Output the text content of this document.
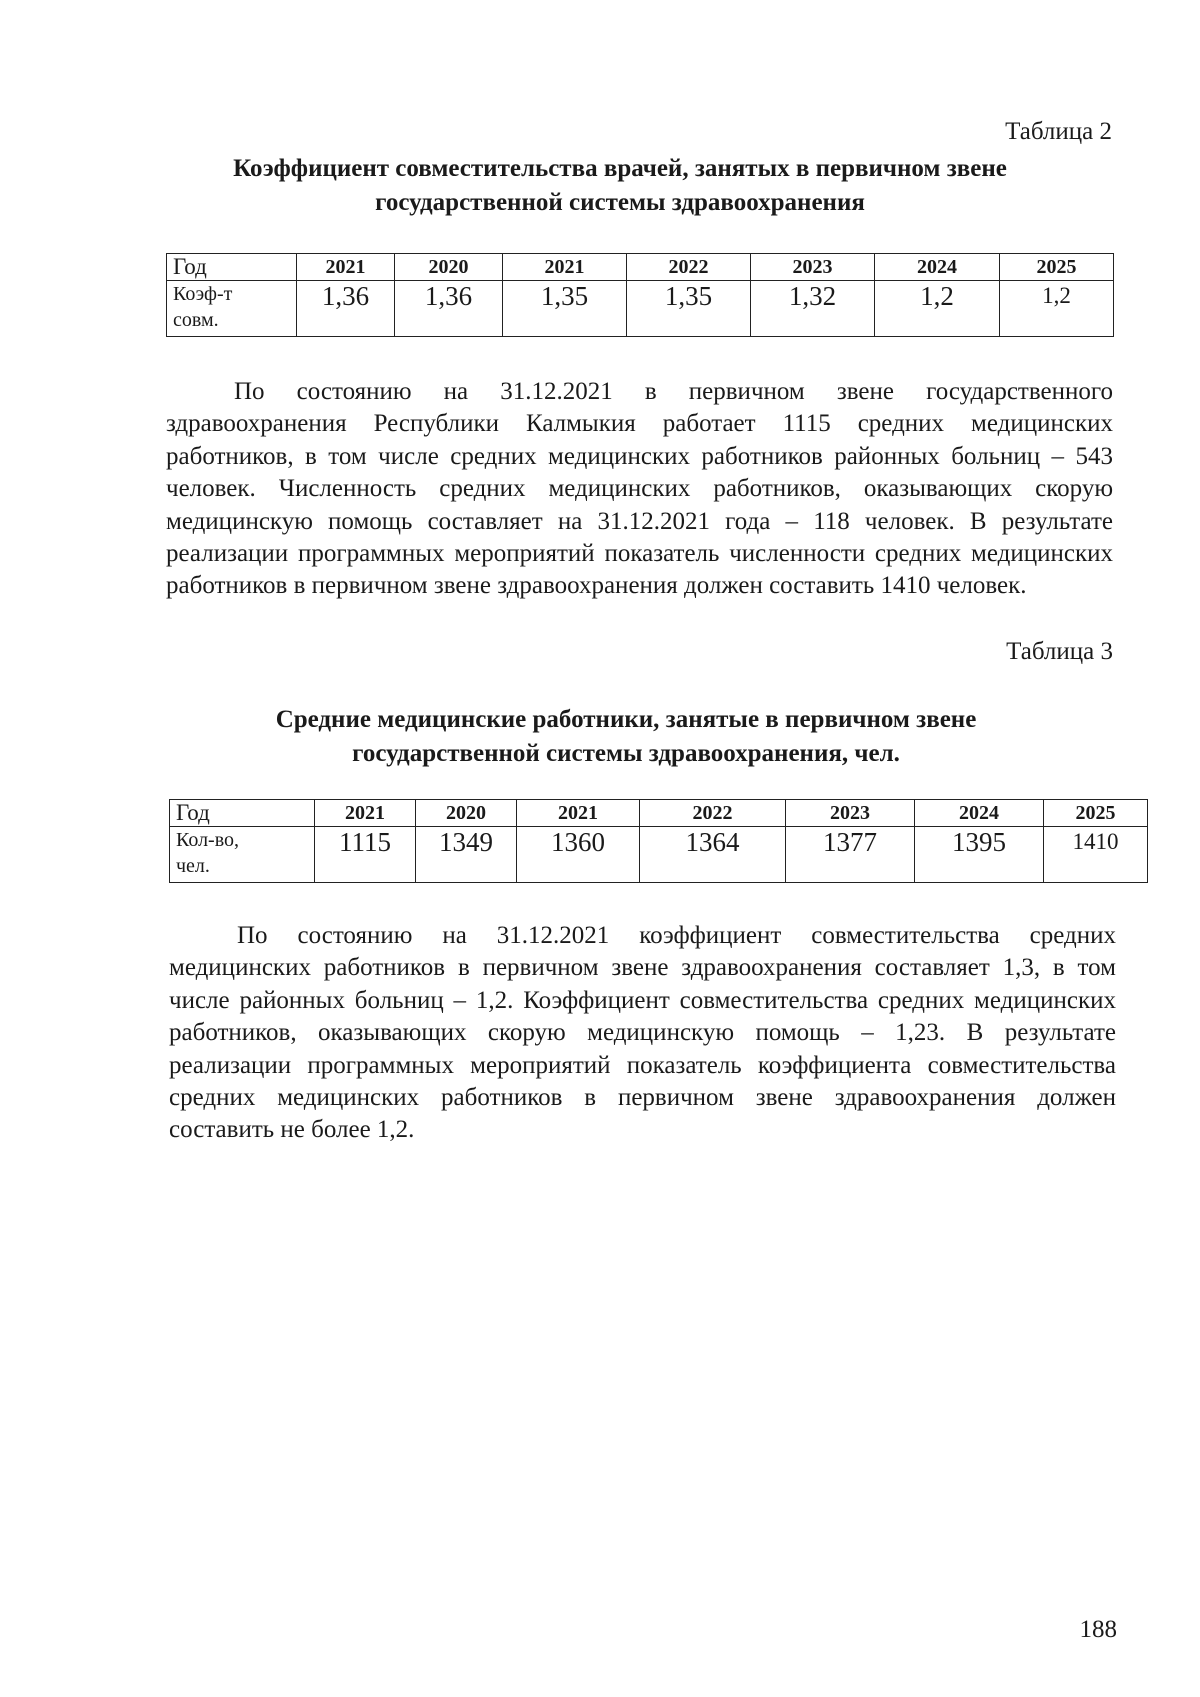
Таблица 2
Коэффициент совместительства врачей, занятых в первичном звене
государственной системы здравоохранения
Год	2021	2020	2021	2022	2023	2024	2025

Коэф-т
совм.	1,36	1,36	1,35	1,35	1,32	1,2	1,2
По состоянию на 31.12.2021 в первичном звене государственного здравоохранения Республики Калмыкия работает 1115 средних медицинских работников, в том числе средних медицинских работников районных больниц – 543 человек. Численность средних медицинских работников, оказывающих скорую медицинскую помощь составляет на 31.12.2021 года – 118 человек. В результате реализации программных мероприятий показатель численности средних медицинских работников в первичном звене здравоохранения должен составить 1410 человек.
Таблица 3
Средние медицинские работники, занятые в первичном звене
государственной системы здравоохранения, чел.
Год	2021	2020	2021	2022	2023	2024	2025

Кол-во,
чел.	1115	1349	1360	1364	1377	1395	1410
По состоянию на 31.12.2021 коэффициент совместительства средних медицинских работников в первичном звене здравоохранения составляет 1,3, в том числе районных больниц – 1,2. Коэффициент совместительства средних медицинских работников, оказывающих скорую медицинскую помощь – 1,23. В результате реализации программных мероприятий показатель коэффициента совместительства средних медицинских работников в первичном звене здравоохранения должен составить не более 1,2.
188
